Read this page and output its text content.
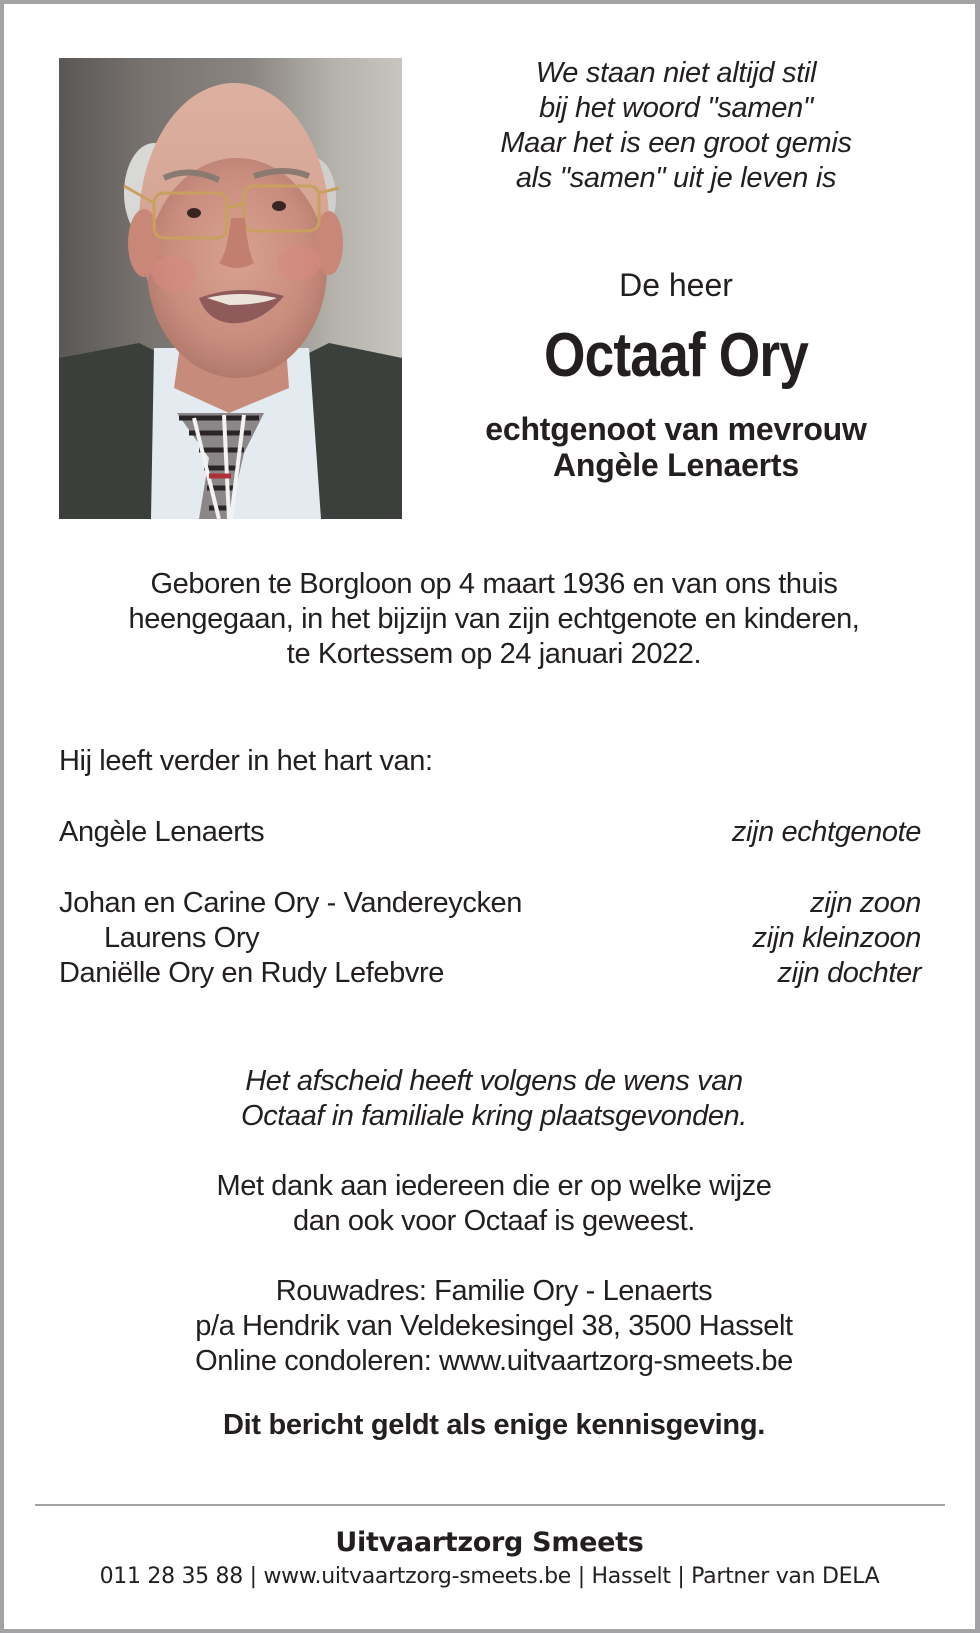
We staan niet altijd stil
bij het woord "samen"
Maar het is een groot gemis
als "samen" uit je leven is
De heer
Octaaf Ory
echtgenoot van mevrouw
Angèle Lenaerts
Geboren te Borgloon op 4 maart 1936 en van ons thuis
heengegaan, in het bijzijn van zijn echtgenote en kinderen,
te Kortessem op 24 januari 2022.
Hij leeft verder in het hart van:
Angèle Lenaerts	zijn echtgenote
Johan en Carine Ory - Vandereycken	zijn zoon
Laurens Ory	zijn kleinzoon
Daniëlle Ory en Rudy Lefebvre	zijn dochter
Het afscheid heeft volgens de wens van
Octaaf in familiale kring plaatsgevonden.
Met dank aan iedereen die er op welke wijze
dan ook voor Octaaf is geweest.
Rouwadres: Familie Ory - Lenaerts
p/a Hendrik van Veldekesingel 38, 3500 Hasselt
Online condoleren: www.uitvaartzorg-smeets.be
Dit bericht geldt als enige kennisgeving.
Uitvaartzorg Smeets
011 28 35 88 | www.uitvaartzorg-smeets.be | Hasselt | Partner van DELA
